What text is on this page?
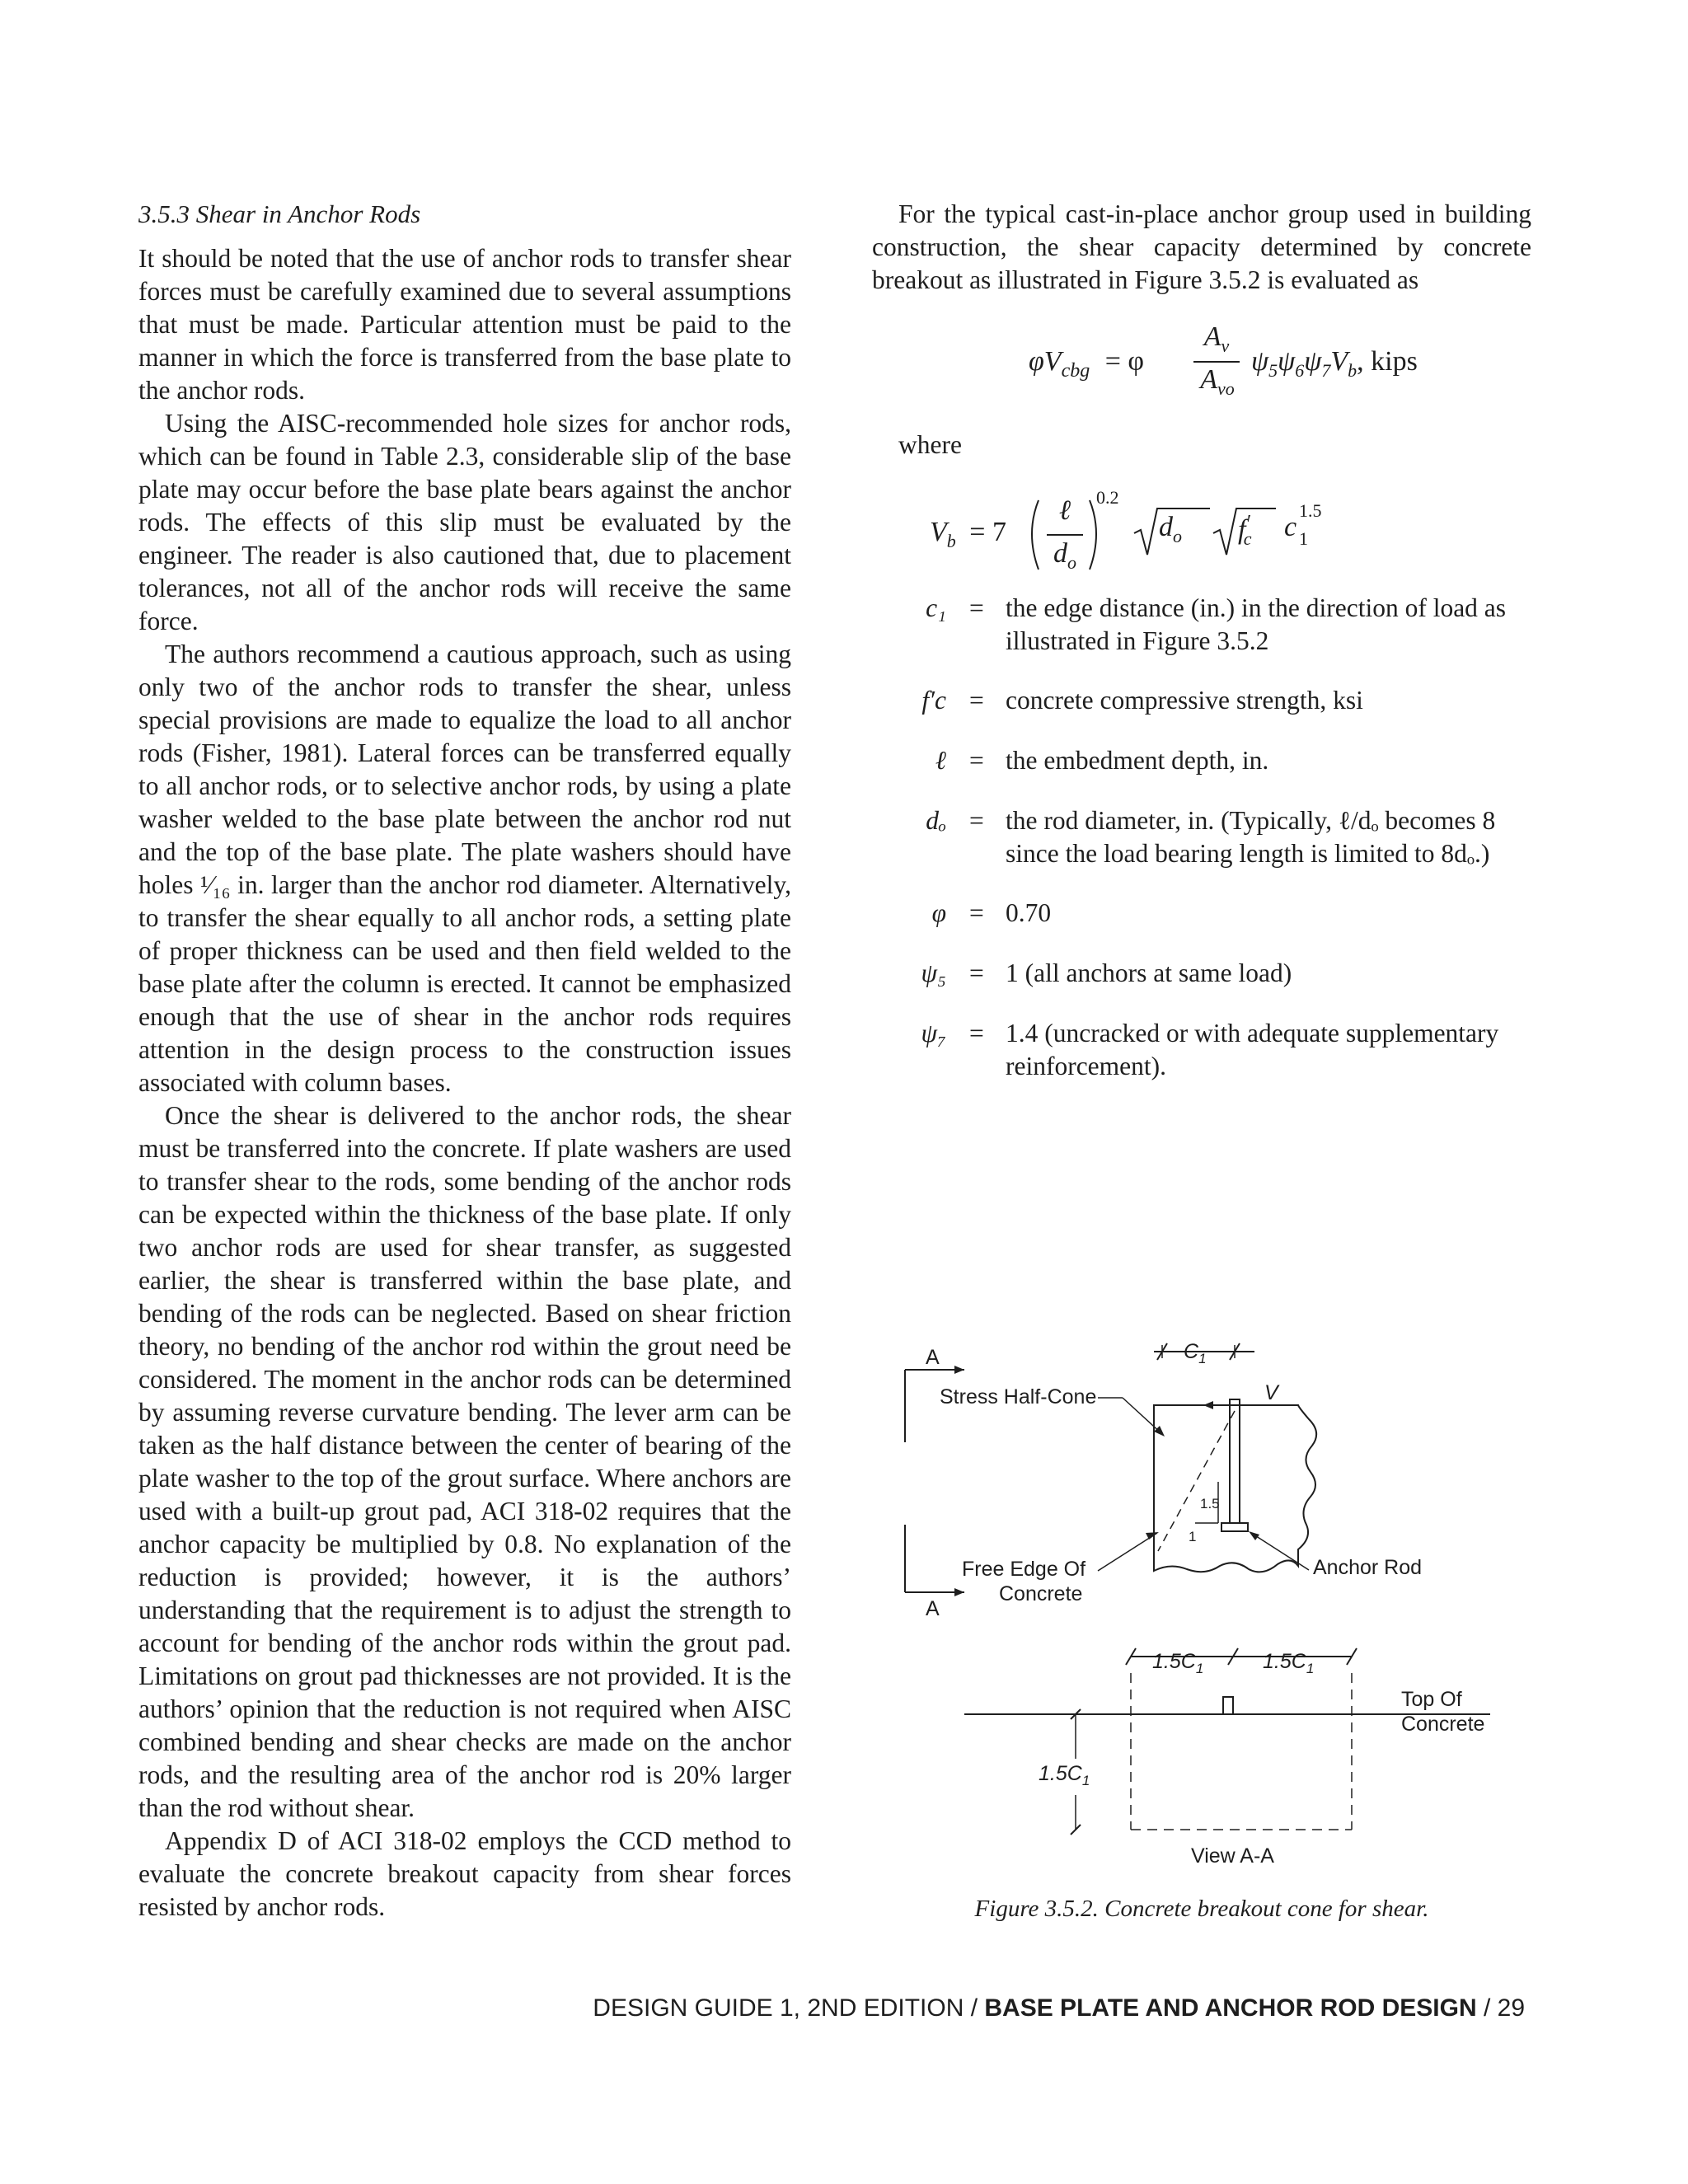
3.5.3 Shear in Anchor Rods

It should be noted that the use of anchor rods to transfer shear forces must be carefully examined due to several assumptions that must be made. Particular attention must be paid to the manner in which the force is transferred from the base plate to the anchor rods.

Using the AISC-recommended hole sizes for anchor rods, which can be found in Table 2.3, considerable slip of the base plate may occur before the base plate bears against the anchor rods. The effects of this slip must be evaluated by the engineer. The reader is also cautioned that, due to placement tolerances, not all of the anchor rods will receive the same force.

The authors recommend a cautious approach, such as using only two of the anchor rods to transfer the shear, unless special provisions are made to equalize the load to all anchor rods (Fisher, 1981). Lateral forces can be transferred equally to all anchor rods, or to selective anchor rods, by using a plate washer welded to the base plate between the anchor rod nut and the top of the base plate. The plate washers should have holes ¹⁄₁₆ in. larger than the anchor rod diameter. Alternatively, to transfer the shear equally to all anchor rods, a setting plate of proper thickness can be used and then field welded to the base plate after the column is erected. It cannot be emphasized enough that the use of shear in the anchor rods requires attention in the design process to the construction issues associated with column bases.

Once the shear is delivered to the anchor rods, the shear must be transferred into the concrete. If plate washers are used to transfer shear to the rods, some bending of the anchor rods can be expected within the thickness of the base plate. If only two anchor rods are used for shear transfer, as suggested earlier, the shear is transferred within the base plate, and bending of the rods can be neglected. Based on shear friction theory, no bending of the anchor rod within the grout need be considered. The moment in the anchor rods can be determined by assuming reverse curvature bending. The lever arm can be taken as the half distance between the center of bearing of the plate washer to the top of the grout surface. Where anchors are used with a built-up grout pad, ACI 318-02 requires that the anchor capacity be multiplied by 0.8. No explanation of the reduction is provided; however, it is the authors’ understanding that the requirement is to adjust the strength to account for bending of the anchor rods within the grout pad. Limitations on grout pad thicknesses are not provided. It is the authors’ opinion that the reduction is not required when AISC combined bending and shear checks are made on the anchor rods, and the resulting area of the anchor rod is 20% larger than the rod without shear.

Appendix D of ACI 318-02 employs the CCD method to evaluate the concrete breakout capacity from shear forces resisted by anchor rods.

For the typical cast-in-place anchor group used in building construction, the shear capacity determined by concrete breakout as illustrated in Figure 3.5.2 is evaluated as

$\varphi V_{cbg} = \varphi$
$A_v$
$A_{vo}$
$\psi_5\psi_6\psi_7V_b$, kips

where

$V_b = 7$
ℓ
$d_o$
0.2
$d_o$ $f'_c$ c
1.5
1
c₁ = the edge distance (in.) in the direction of load as illustrated in Figure 3.5.2
f′c = concrete compressive strength, ksi
ℓ = the embedment depth, in.
dₒ = the rod diameter, in. (Typically, ℓ/dₒ becomes 8 since the load bearing length is limited to 8dₒ.)
φ = 0.70
ψ₅ = 1 (all anchors at same load)
ψ₇ = 1.4 (uncracked or with adequate supplementary reinforcement).
A
A
$C_1$
Stress Half-Cone	V
1.5
1
Free Edge Of
Concrete
Anchor Rod
$1.5C_1$	$1.5C_1$
Top Of
Concrete
$1.5C_1$
View A-A
Figure 3.5.2. Concrete breakout cone for shear.
DESIGN GUIDE 1, 2ND EDITION / BASE PLATE AND ANCHOR ROD DESIGN / 29
